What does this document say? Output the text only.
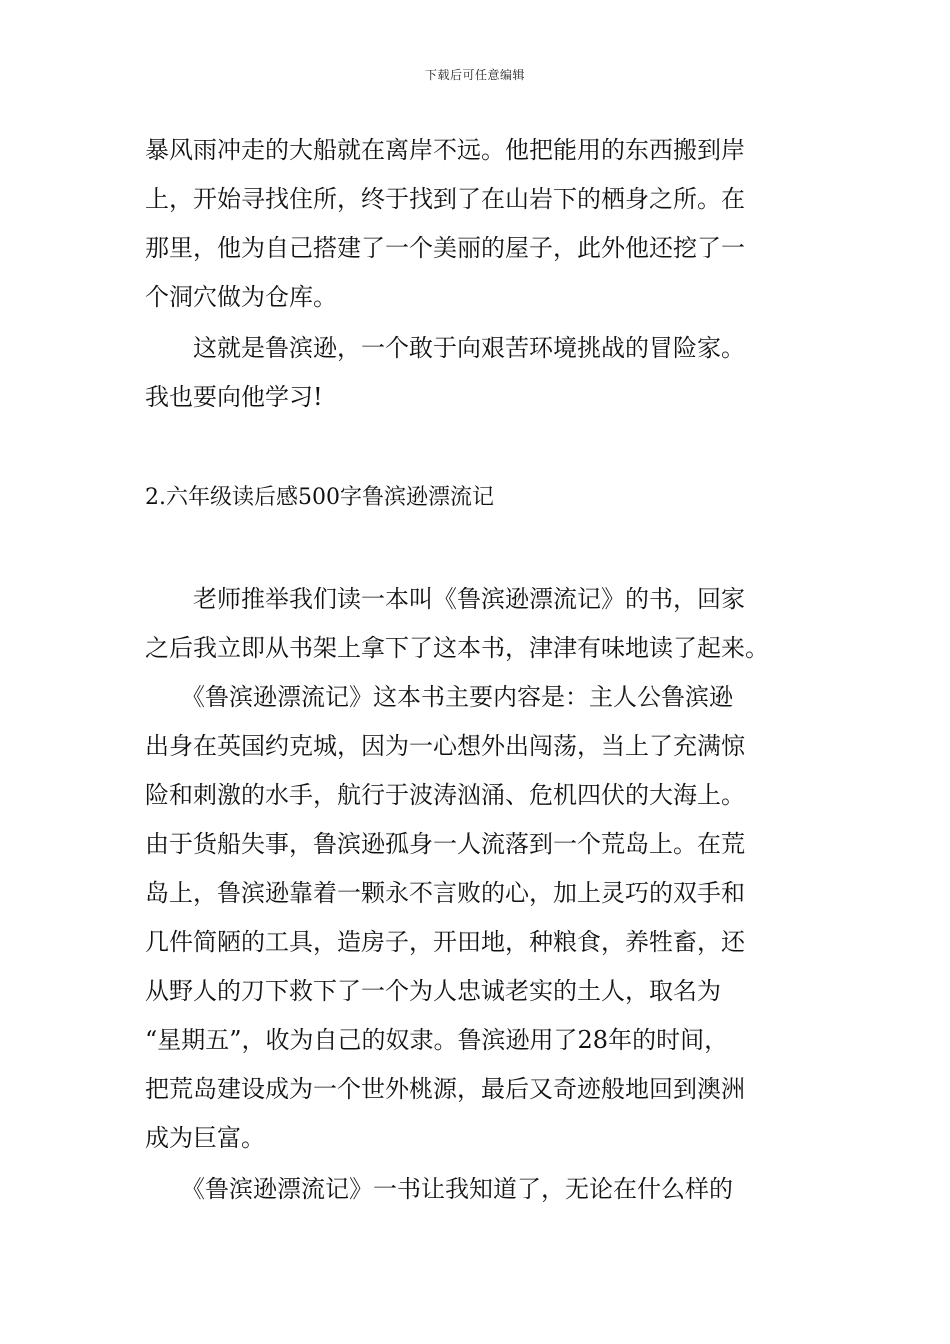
下载后可任意编辑
暴风雨冲走的大船就在离岸不远。他把能用的东西搬到岸
上，开始寻找住所，终于找到了在山岩下的栖身之所。在
那里，他为自己搭建了一个美丽的屋子，此外他还挖了一
个洞穴做为仓库。
　　这就是鲁滨逊，一个敢于向艰苦环境挑战的冒险家。
我也要向他学习!
2.六年级读后感500字鲁滨逊漂流记
　　老师推举我们读一本叫《鲁滨逊漂流记》的书，回家
之后我立即从书架上拿下了这本书，津津有味地读了起来。
　　《鲁滨逊漂流记》这本书主要内容是：主人公鲁滨逊
出身在英国约克城，因为一心想外出闯荡，当上了充满惊
险和刺激的水手，航行于波涛汹涌、危机四伏的大海上。
由于货船失事，鲁滨逊孤身一人流落到一个荒岛上。在荒
岛上，鲁滨逊靠着一颗永不言败的心，加上灵巧的双手和
几件简陋的工具，造房子，开田地，种粮食，养牲畜，还
从野人的刀下救下了一个为人忠诚老实的土人，取名为
“星期五”，收为自己的奴隶。鲁滨逊用了28年的时间，
把荒岛建设成为一个世外桃源，最后又奇迹般地回到澳洲
成为巨富。
　　《鲁滨逊漂流记》一书让我知道了，无论在什么样的
